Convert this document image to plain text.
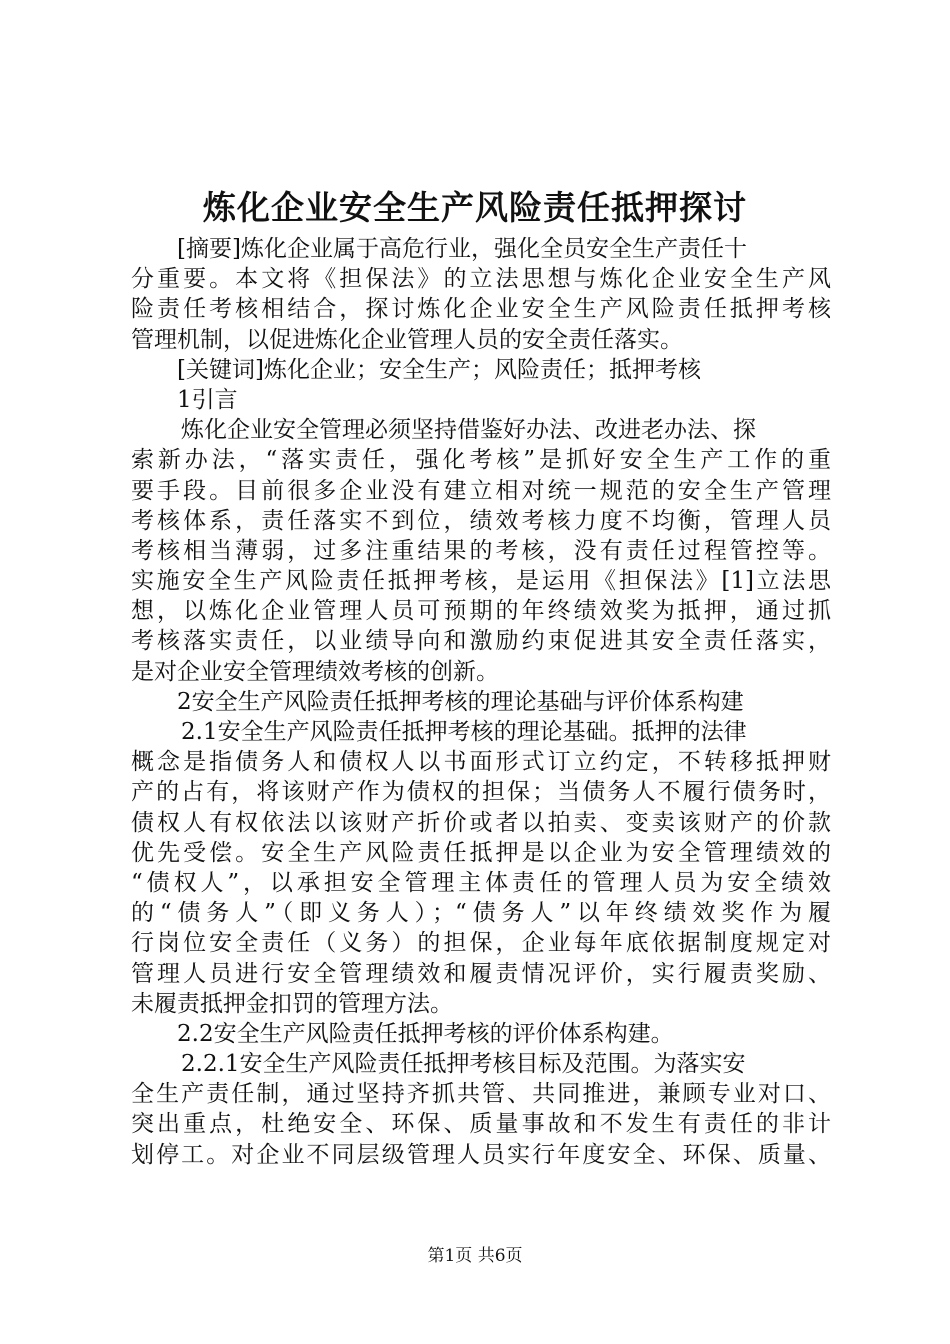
炼化企业安全生产风险责任抵押探讨
[摘要]炼化企业属于高危行业，强化全员安全生产责任十
分重要。本文将《担保法》的立法思想与炼化企业安全生产风
险责任考核相结合，探讨炼化企业安全生产风险责任抵押考核
管理机制，以促进炼化企业管理人员的安全责任落实。
[关键词]炼化企业；安全生产；风险责任；抵押考核
1引言
炼化企业安全管理必须坚持借鉴好办法、改进老办法、探
索新办法，“落实责任，强化考核”是抓好安全生产工作的重
要手段。目前很多企业没有建立相对统一规范的安全生产管理
考核体系，责任落实不到位，绩效考核力度不均衡，管理人员
考核相当薄弱，过多注重结果的考核，没有责任过程管控等。
实施安全生产风险责任抵押考核，是运用《担保法》[1]立法思
想，以炼化企业管理人员可预期的年终绩效奖为抵押，通过抓
考核落实责任，以业绩导向和激励约束促进其安全责任落实，
是对企业安全管理绩效考核的创新。
2安全生产风险责任抵押考核的理论基础与评价体系构建
2.1安全生产风险责任抵押考核的理论基础。抵押的法律
概念是指债务人和债权人以书面形式订立约定，不转移抵押财
产的占有，将该财产作为债权的担保；当债务人不履行债务时，
债权人有权依法以该财产折价或者以拍卖、变卖该财产的价款
优先受偿。安全生产风险责任抵押是以企业为安全管理绩效的
“债权人”，以承担安全管理主体责任的管理人员为安全绩效
的“债务人”（即义务人）；“债务人”以年终绩效奖作为履
行岗位安全责任（义务）的担保，企业每年底依据制度规定对
管理人员进行安全管理绩效和履责情况评价，实行履责奖励、
未履责抵押金扣罚的管理方法。
2.2安全生产风险责任抵押考核的评价体系构建。
2.2.1安全生产风险责任抵押考核目标及范围。为落实安
全生产责任制，通过坚持齐抓共管、共同推进，兼顾专业对口、
突出重点，杜绝安全、环保、质量事故和不发生有责任的非计
划停工。对企业不同层级管理人员实行年度安全、环保、质量、
第1页 共6页
